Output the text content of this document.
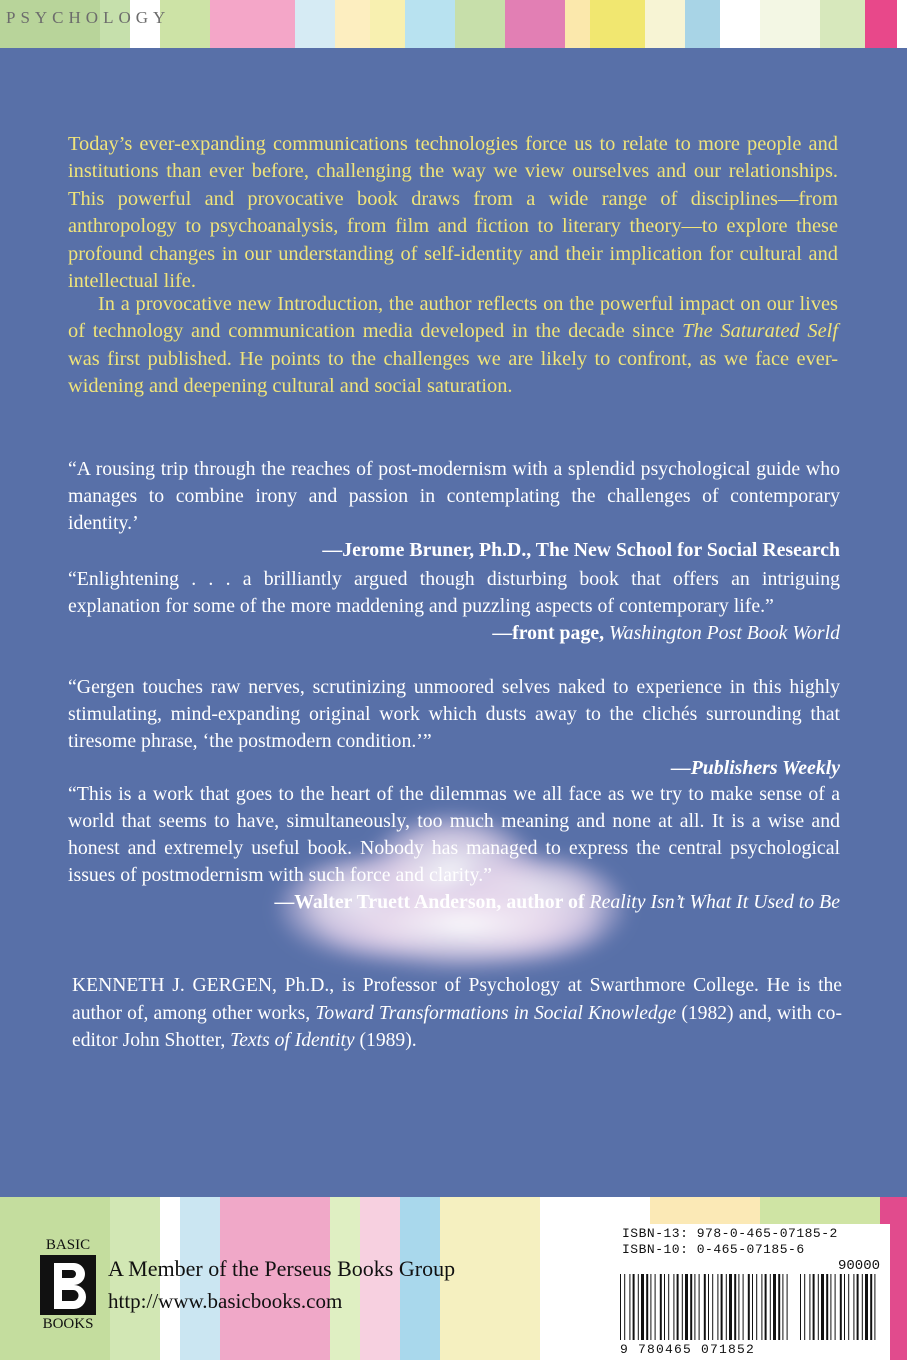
PSYCHOLOGY

Today’s ever-expanding communications technologies force us to relate to more people and institutions than ever before, challenging the way we view ourselves and our relationships. This powerful and provocative book draws from a wide range of disciplines—from anthropology to psychoanalysis, from film and fiction to literary theory—to explore these profound changes in our understanding of self-identity and their implication for cultural and intellectual life.

In a provocative new Introduction, the author reflects on the powerful impact on our lives of technology and communication media developed in the decade since The Saturated Self was first published. He points to the challenges we are likely to confront, as we face ever-widening and deepening cultural and social saturation.

“A rousing trip through the reaches of post-modernism with a splendid psychological guide who manages to combine irony and passion in contemplating the challenges of contemporary identity.’
—Jerome Bruner, Ph.D., The New School for Social Research
“Enlightening . . . a brilliantly argued though disturbing book that offers an intriguing explanation for some of the more maddening and puzzling aspects of contemporary life.”
—front page, Washington Post Book World
“Gergen touches raw nerves, scrutinizing unmoored selves naked to experience in this highly stimulating, mind-expanding original work which dusts away to the clichés surrounding that tiresome phrase, ‘the postmodern condition.’”
—Publishers Weekly
“This is a work that goes to the heart of the dilemmas we all face as we try to make sense of a world that seems to have, simultaneously, too much meaning and none at all. It is a wise and honest and extremely useful book. Nobody has managed to express the central psychological issues of postmodernism with such force and clarity.”
—Walter Truett Anderson, author of Reality Isn’t What It Used to Be

KENNETH J. GERGEN, Ph.D., is Professor of Psychology at Swarthmore College. He is the author of, among other works, Toward Transformations in Social Knowledge (1982) and, with co-editor John Shotter, Texts of Identity (1989).

BASIC
BOOKS
A Member of the Perseus Books Group
http://www.basicbooks.com
ISBN-13: 978-0-465-07185-2
ISBN-10: 0-465-07185-6
90000
9 780465 071852
